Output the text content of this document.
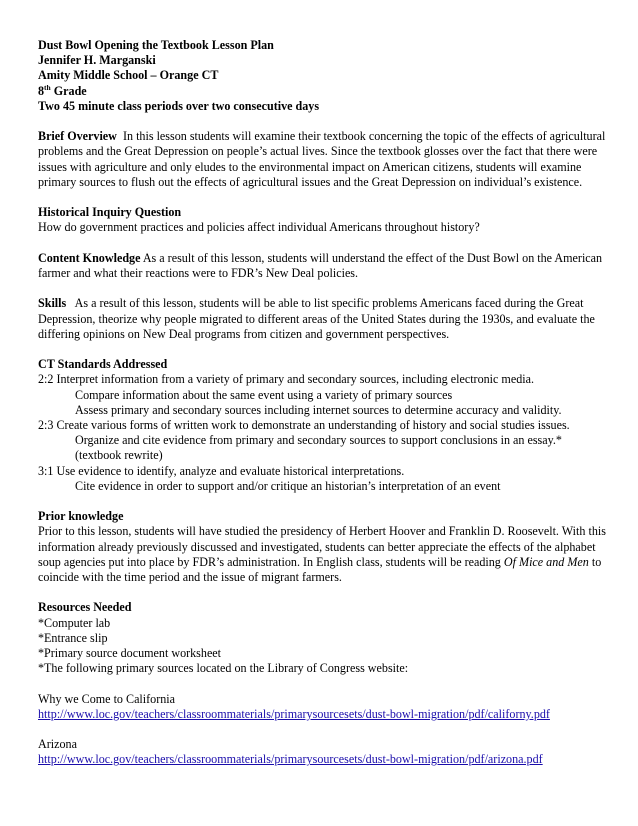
Dust Bowl Opening the Textbook Lesson Plan

Jennifer H. Marganski

Amity Middle School – Orange CT

8th Grade

Two 45 minute class periods over two consecutive days

Brief Overview In this lesson students will examine their textbook concerning the topic of the effects of agricultural problems and the Great Depression on people’s actual lives. Since the textbook glosses over the fact that there were issues with agriculture and only eludes to the environmental impact on American citizens, students will examine primary sources to flush out the effects of agricultural issues and the Great Depression on individual’s existence.

Historical Inquiry Question

How do government practices and policies affect individual Americans throughout history?

Content Knowledge As a result of this lesson, students will understand the effect of the Dust Bowl on the American farmer and what their reactions were to FDR’s New Deal policies.

Skills As a result of this lesson, students will be able to list specific problems Americans faced during the Great Depression, theorize why people migrated to different areas of the United States during the 1930s, and evaluate the differing opinions on New Deal programs from citizen and government perspectives.

CT Standards Addressed

2:2 Interpret information from a variety of primary and secondary sources, including electronic media.

Compare information about the same event using a variety of primary sources

Assess primary and secondary sources including internet sources to determine accuracy and validity.

2:3 Create various forms of written work to demonstrate an understanding of history and social studies issues.

Organize and cite evidence from primary and secondary sources to support conclusions in an essay.*(textbook rewrite)

3:1 Use evidence to identify, analyze and evaluate historical interpretations.

Cite evidence in order to support and/or critique an historian’s interpretation of an event

Prior knowledge

Prior to this lesson, students will have studied the presidency of Herbert Hoover and Franklin D. Roosevelt. With this information already previously discussed and investigated, students can better appreciate the effects of the alphabet soup agencies put into place by FDR’s administration. In English class, students will be reading Of Mice and Men to coincide with the time period and the issue of migrant farmers.

Resources Needed

*Computer lab

*Entrance slip

*Primary source document worksheet

*The following primary sources located on the Library of Congress website:

Why we Come to California

http://www.loc.gov/teachers/classroommaterials/primarysourcesets/dust-bowl-migration/pdf/californy.pdf

Arizona

http://www.loc.gov/teachers/classroommaterials/primarysourcesets/dust-bowl-migration/pdf/arizona.pdf
